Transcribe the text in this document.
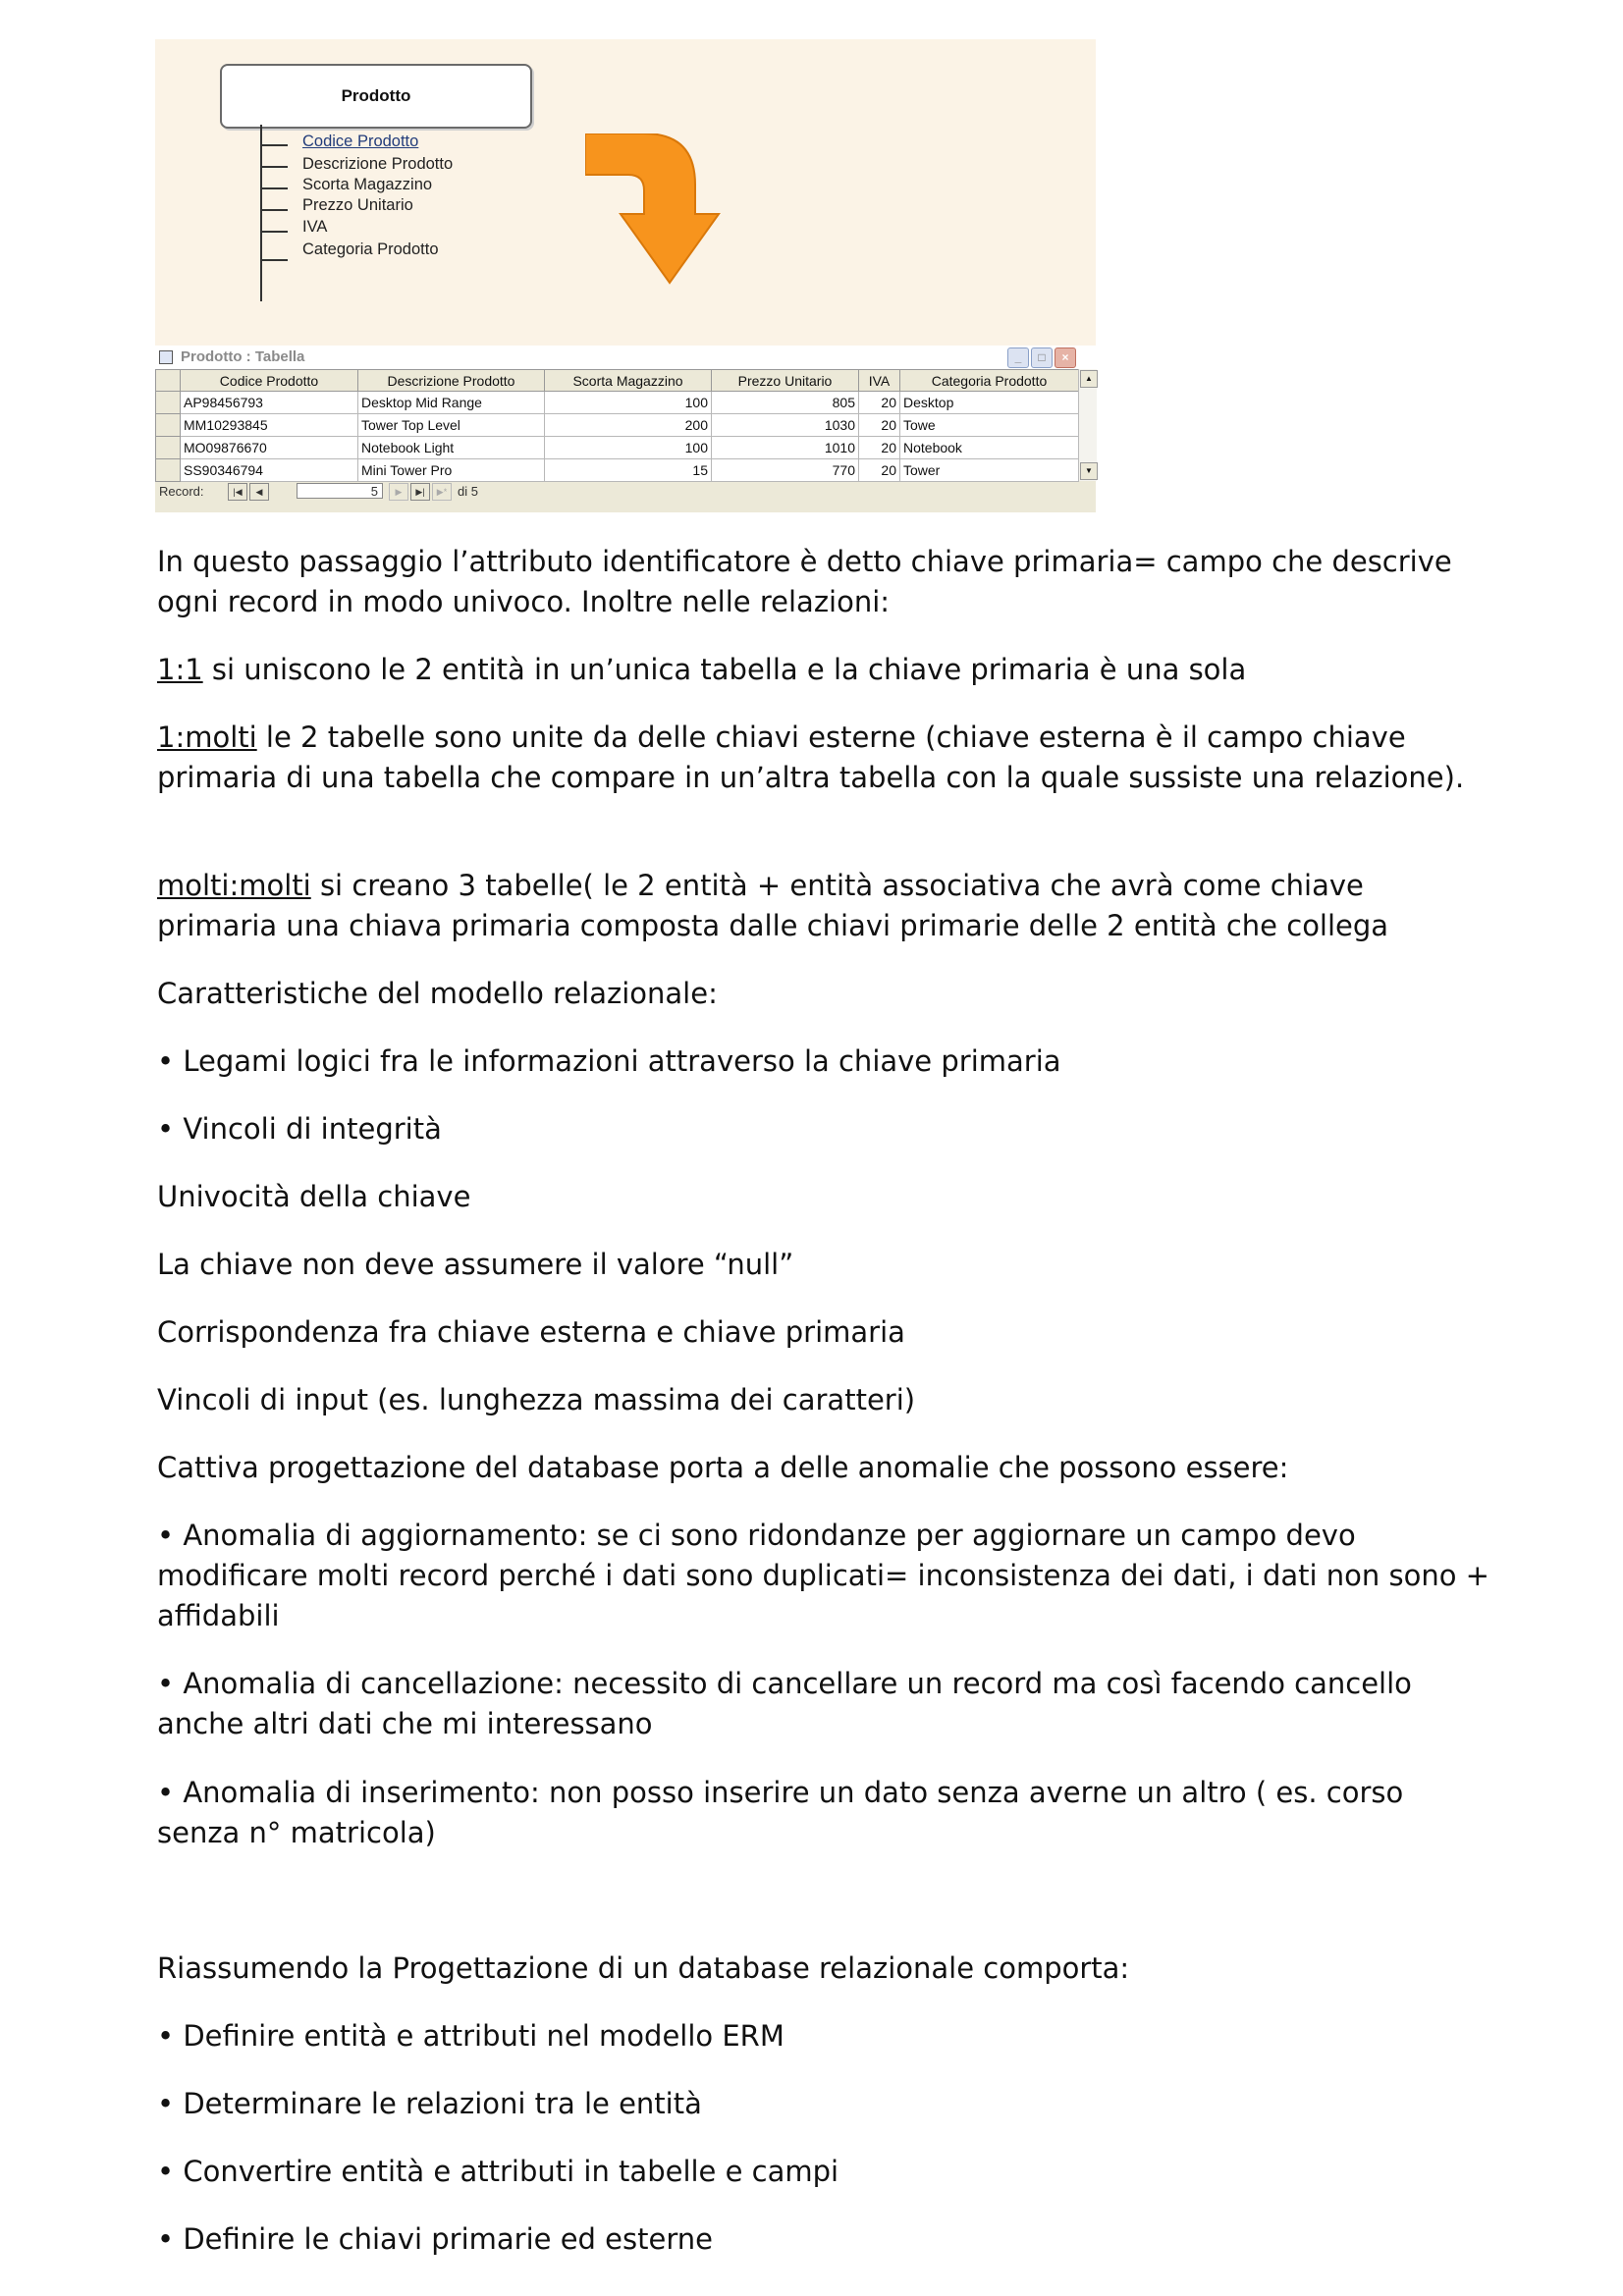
Prodotto
Codice Prodotto
Descrizione Prodotto
Scorta Magazzino
Prezzo Unitario
IVA
Categoria Prodotto
Prodotto : Tabella	_	□	×
	Codice Prodotto	Descrizione Prodotto	Scorta Magazzino	Prezzo Unitario	IVA	Categoria Prodotto
	AP98456793	Desktop Mid Range	100	805	20	Desktop
	MM10293845	Tower Top Level	200	1030	20	Towe
	MO09876670	Notebook Light	100	1010	20	Notebook
	SS90346794	Mini Tower Pro	15	770	20	Tower
▲
▼
Record:	|◀	◀	5	▶	▶|	▶* di 5

In questo passaggio l’attributo identificatore è detto chiave primaria= campo che descrive ogni record in modo univoco. Inoltre nelle relazioni:

1:1 si uniscono le 2 entità in un’unica tabella e la chiave primaria è una sola

1:molti le 2 tabelle sono unite da delle chiavi esterne (chiave esterna è il campo chiave primaria di una tabella che compare in un’altra tabella con la quale sussiste una relazione).

molti:molti si creano 3 tabelle( le 2 entità + entità associativa che avrà come chiave primaria una chiava primaria composta dalle chiavi primarie delle 2 entità che collega

Caratteristiche del modello relazionale:

• Legami logici fra le informazioni attraverso la chiave primaria

• Vincoli di integrità

Univocità della chiave

La chiave non deve assumere il valore “null”

Corrispondenza fra chiave esterna e chiave primaria

Vincoli di input (es. lunghezza massima dei caratteri)

Cattiva progettazione del database porta a delle anomalie che possono essere:

• Anomalia di aggiornamento: se ci sono ridondanze per aggiornare un campo devo modificare molti record perché i dati sono duplicati= inconsistenza dei dati, i dati non sono + affidabili

• Anomalia di cancellazione: necessito di cancellare un record ma così facendo cancello anche altri dati che mi interessano

• Anomalia di inserimento: non posso inserire un dato senza averne un altro ( es. corso senza n° matricola)

Riassumendo la Progettazione di un database relazionale comporta:

• Definire entità e attributi nel modello ERM

• Determinare le relazioni tra le entità

• Convertire entità e attributi in tabelle e campi

• Definire le chiavi primarie ed esterne
